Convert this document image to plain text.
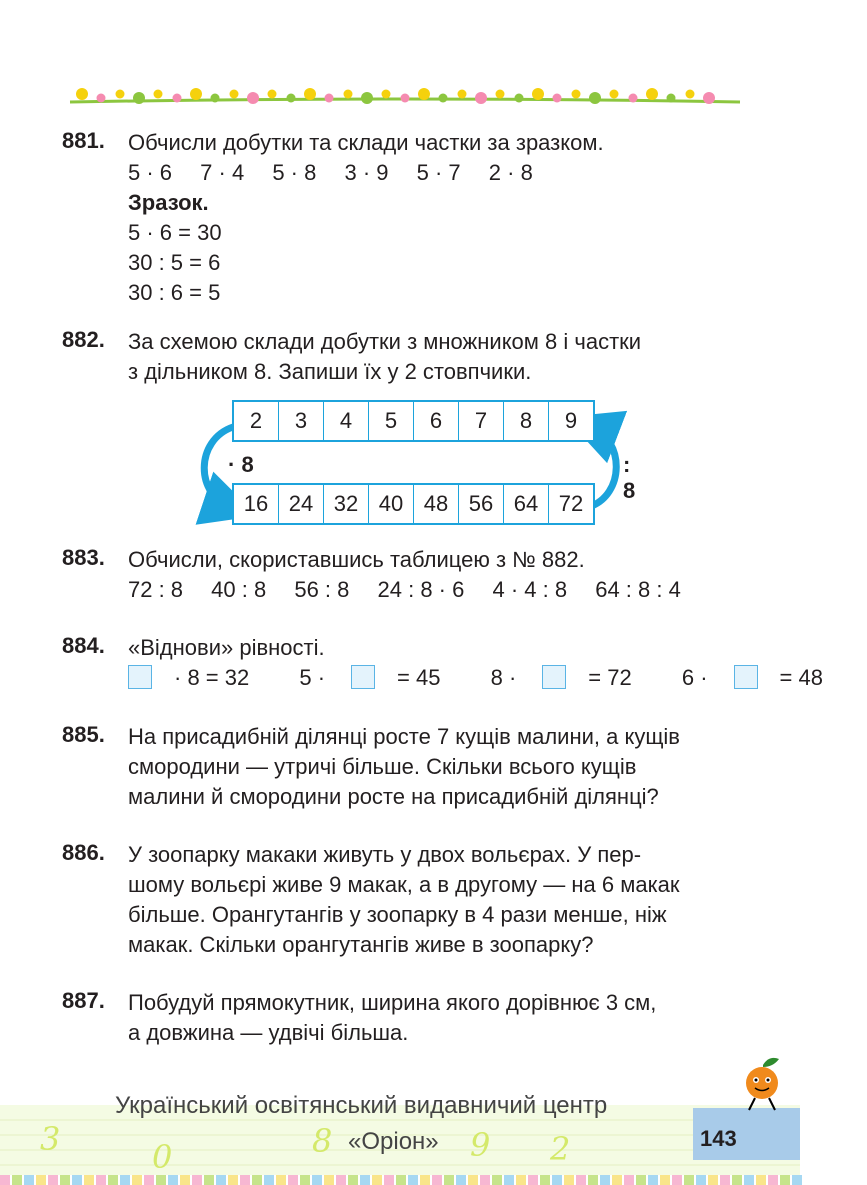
881. Обчисли добутки та склади частки за зразком.
5 · 6 7 · 4 5 · 8 3 · 9 5 · 7 2 · 8
Зразок.
5 · 6 = 30
30 : 5 = 6
30 : 6 = 5
882. За схемою склади добутки з множником 8 і частки
з дільником 8. Запиши їх у 2 стовпчики.
2	3	4	5	6	7	8	9
16 24 32 40 48 56 64 72
· 8	: 8
883. Обчисли, скориставшись таблицею з № 882.
72 : 8 40 : 8 56 : 8 24 : 8 · 6 4 · 4 : 8 64 : 8 : 4
884. «Віднови» рівності.
· 8 = 32 5 ·	= 45 8 ·	= 72 6 ·	= 48
885. На присадибній ділянці росте 7 кущів малини, а кущів
смородини — утричі більше. Скільки всього кущів
малини й смородини росте на присадибній ділянці?
886. У зоопарку макаки живуть у двох вольєрах. У пер-
шому вольєрі живе 9 макак, а в другому — на 6 макак
більше. Орангутангів у зоопарку в 4 рази менше, ніж
макак. Скільки орангутангів живе в зоопарку?
887. Побудуй прямокутник, ширина якого дорівнює 3 см,
а довжина — удвічі більша.
3	0	8	9 2
Український освітянський видавничий центр
«Оріон»	143
